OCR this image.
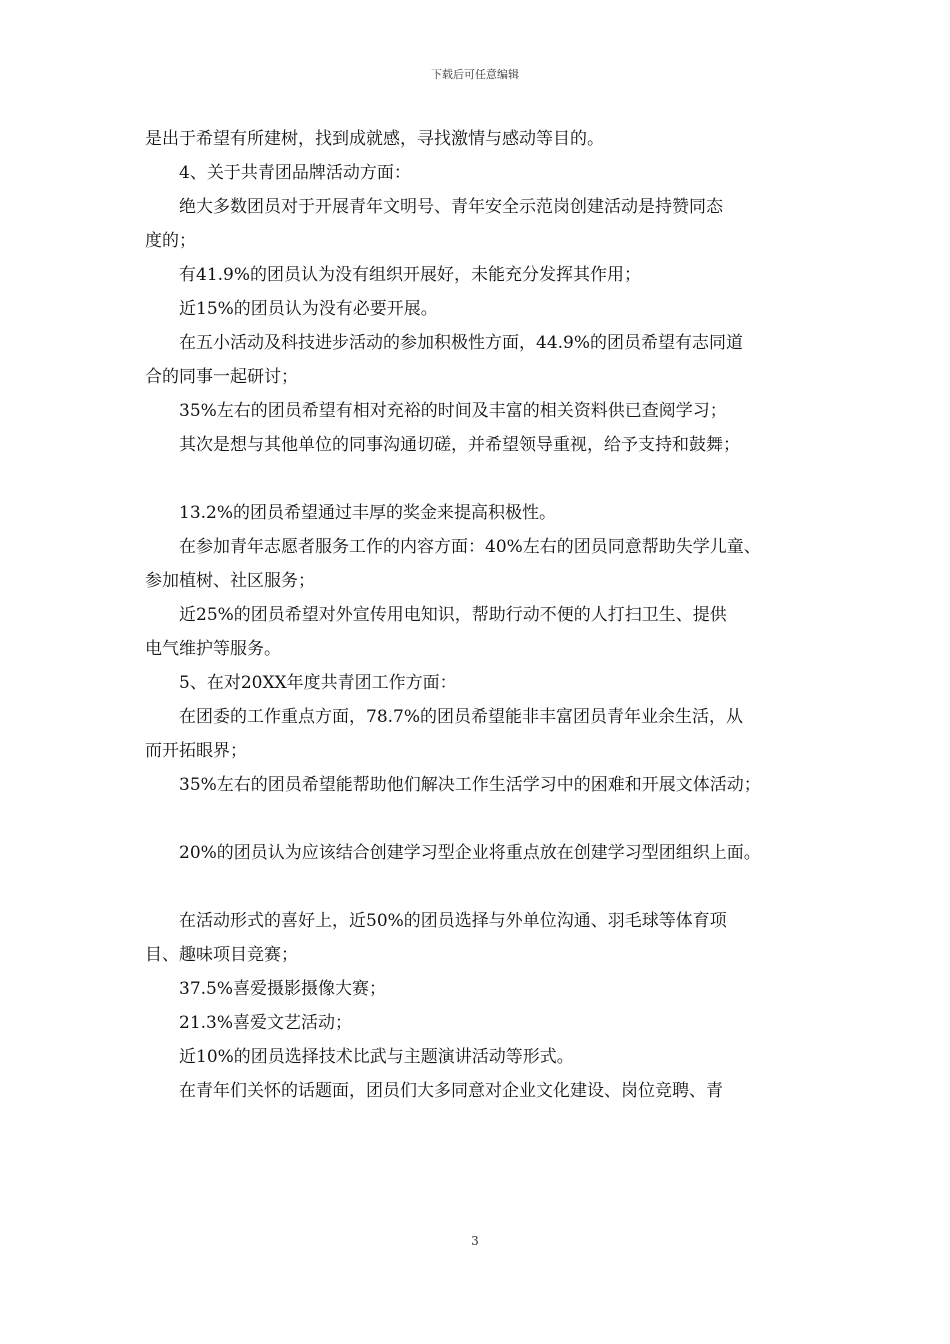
下载后可任意编辑

是出于希望有所建树，找到成就感，寻找激情与感动等目的。

4、关于共青团品牌活动方面：

绝大多数团员对于开展青年文明号、青年安全示范岗创建活动是持赞同态

度的；

有41.9%的团员认为没有组织开展好，未能充分发挥其作用；

近15%的团员认为没有必要开展。

在五小活动及科技进步活动的参加积极性方面，44.9%的团员希望有志同道

合的同事一起研讨；

35%左右的团员希望有相对充裕的时间及丰富的相关资料供已查阅学习；

其次是想与其他单位的同事沟通切磋，并希望领导重视，给予支持和鼓舞；

13.2%的团员希望通过丰厚的奖金来提高积极性。

在参加青年志愿者服务工作的内容方面：40%左右的团员同意帮助失学儿童、

参加植树、社区服务；

近25%的团员希望对外宣传用电知识，帮助行动不便的人打扫卫生、提供

电气维护等服务。

5、在对20XX年度共青团工作方面：

在团委的工作重点方面，78.7%的团员希望能非丰富团员青年业余生活，从

而开拓眼界；

35%左右的团员希望能帮助他们解决工作生活学习中的困难和开展文体活动；

20%的团员认为应该结合创建学习型企业将重点放在创建学习型团组织上面。

在活动形式的喜好上，近50%的团员选择与外单位沟通、羽毛球等体育项

目、趣味项目竞赛；

37.5%喜爱摄影摄像大赛；

21.3%喜爱文艺活动；

近10%的团员选择技术比武与主题演讲活动等形式。

在青年们关怀的话题面，团员们大多同意对企业文化建设、岗位竞聘、青

3
